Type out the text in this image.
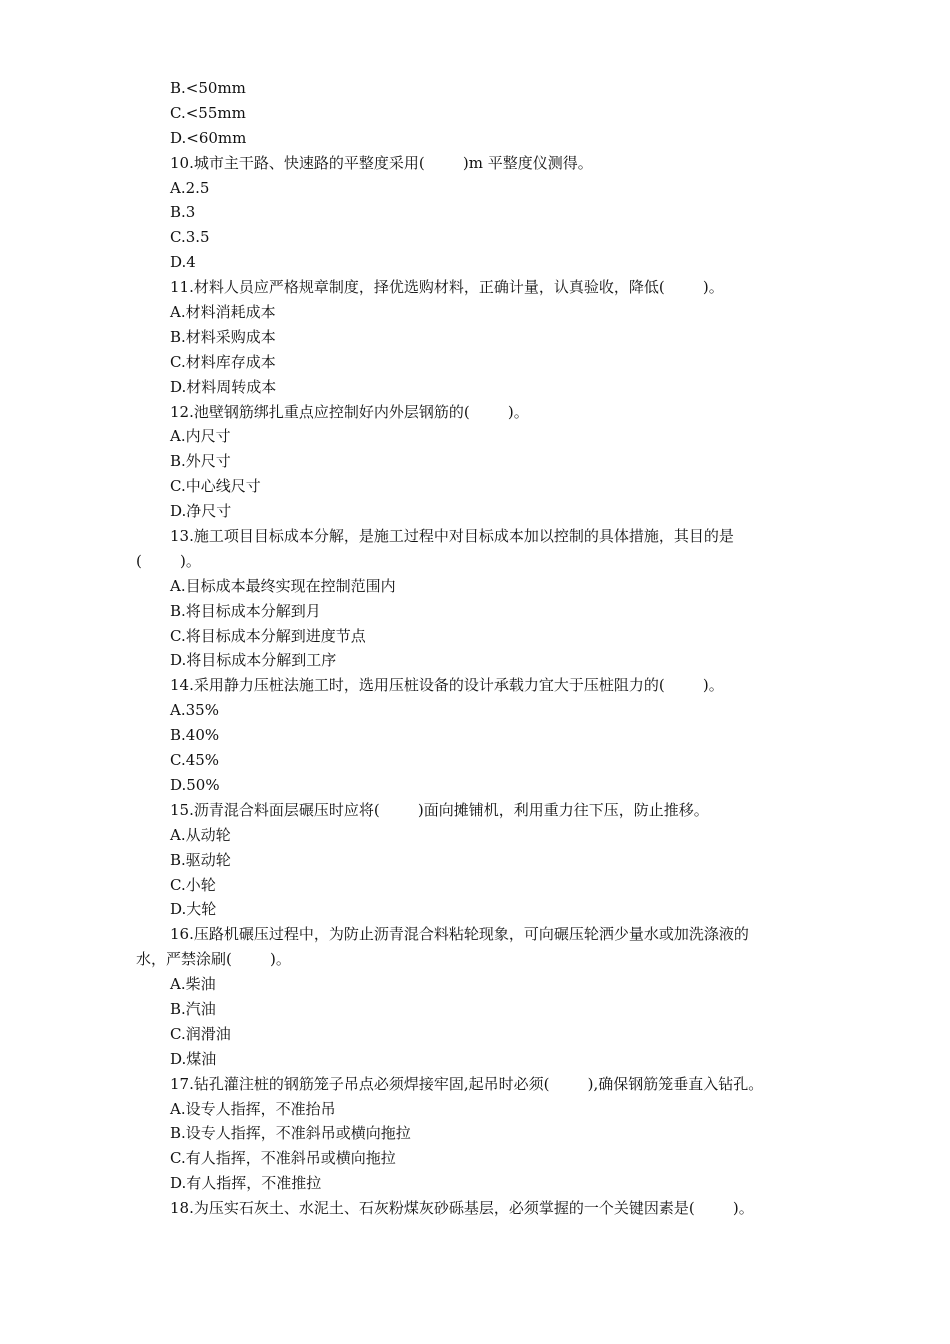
B.<50mm
C.<55mm
D.<60mm
10.城市主干路、快速路的平整度采用(        )m 平整度仪测得。
A.2.5
B.3
C.3.5
D.4
11.材料人员应严格规章制度，择优选购材料，正确计量，认真验收，降低(        )。
A.材料消耗成本
B.材料采购成本
C.材料库存成本
D.材料周转成本
12.池壁钢筋绑扎重点应控制好内外层钢筋的(        )。
A.内尺寸
B.外尺寸
C.中心线尺寸
D.净尺寸
13.施工项目目标成本分解，是施工过程中对目标成本加以控制的具体措施，其目的是
(        )。
A.目标成本最终实现在控制范围内
B.将目标成本分解到月
C.将目标成本分解到进度节点
D.将目标成本分解到工序
14.采用静力压桩法施工时，选用压桩设备的设计承载力宜大于压桩阻力的(        )。
A.35%
B.40%
C.45%
D.50%
15.沥青混合料面层碾压时应将(        )面向摊铺机，利用重力往下压，防止推移。
A.从动轮
B.驱动轮
C.小轮
D.大轮
16.压路机碾压过程中，为防止沥青混合料粘轮现象，可向碾压轮洒少量水或加洗涤液的
水，严禁涂刷(        )。
A.柴油
B.汽油
C.润滑油
D.煤油
17.钻孔灌注桩的钢筋笼子吊点必须焊接牢固,起吊时必须(        ),确保钢筋笼垂直入钻孔。
A.设专人指挥，不准抬吊
B.设专人指挥，不准斜吊或横向拖拉
C.有人指挥，不准斜吊或横向拖拉
D.有人指挥，不准推拉
18.为压实石灰土、水泥土、石灰粉煤灰砂砾基层，必须掌握的一个关键因素是(        )。
